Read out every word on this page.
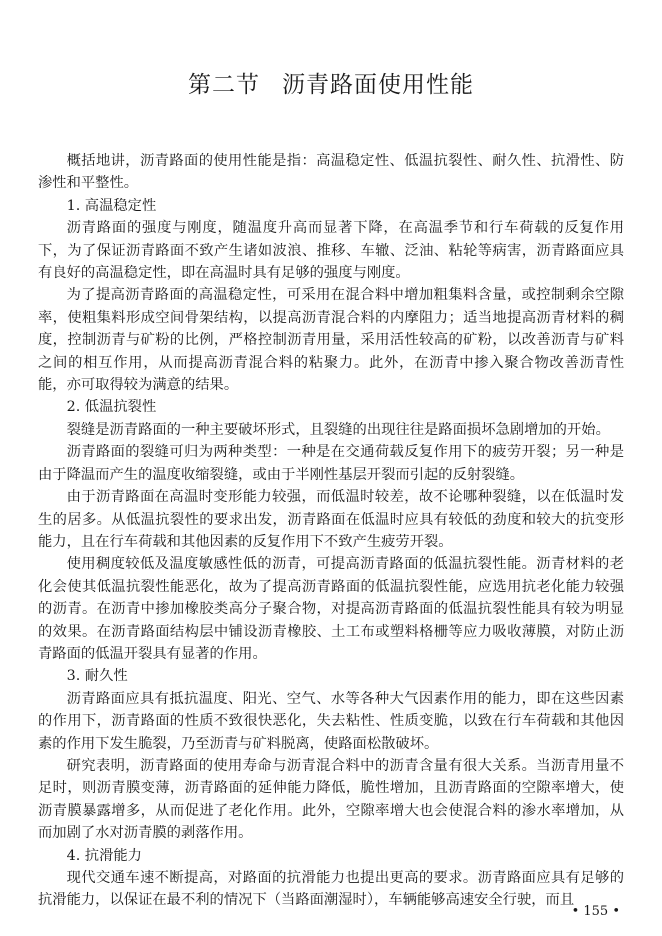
第二节 沥青路面使用性能

概括地讲，沥青路面的使用性能是指：高温稳定性、低温抗裂性、耐久性、抗滑性、防渗性和平整性。

1. 高温稳定性

沥青路面的强度与刚度，随温度升高而显著下降，在高温季节和行车荷载的反复作用下，为了保证沥青路面不致产生诸如波浪、推移、车辙、泛油、粘轮等病害，沥青路面应具有良好的高温稳定性，即在高温时具有足够的强度与刚度。

为了提高沥青路面的高温稳定性，可采用在混合料中增加粗集料含量，或控制剩余空隙率，使粗集料形成空间骨架结构，以提高沥青混合料的内摩阻力；适当地提高沥青材料的稠度，控制沥青与矿粉的比例，严格控制沥青用量，采用活性较高的矿粉，以改善沥青与矿料之间的相互作用，从而提高沥青混合料的粘聚力。此外，在沥青中掺入聚合物改善沥青性能，亦可取得较为满意的结果。

2. 低温抗裂性

裂缝是沥青路面的一种主要破坏形式，且裂缝的出现往往是路面损坏急剧增加的开始。

沥青路面的裂缝可归为两种类型：一种是在交通荷载反复作用下的疲劳开裂；另一种是由于降温而产生的温度收缩裂缝，或由于半刚性基层开裂而引起的反射裂缝。

由于沥青路面在高温时变形能力较强，而低温时较差，故不论哪种裂缝，以在低温时发生的居多。从低温抗裂性的要求出发，沥青路面在低温时应具有较低的劲度和较大的抗变形能力，且在行车荷载和其他因素的反复作用下不致产生疲劳开裂。

使用稠度较低及温度敏感性低的沥青，可提高沥青路面的低温抗裂性能。沥青材料的老化会使其低温抗裂性能恶化，故为了提高沥青路面的低温抗裂性能，应选用抗老化能力较强的沥青。在沥青中掺加橡胶类高分子聚合物，对提高沥青路面的低温抗裂性能具有较为明显的效果。在沥青路面结构层中铺设沥青橡胶、土工布或塑料格栅等应力吸收薄膜，对防止沥青路面的低温开裂具有显著的作用。

3. 耐久性

沥青路面应具有抵抗温度、阳光、空气、水等各种大气因素作用的能力，即在这些因素的作用下，沥青路面的性质不致很快恶化，失去粘性、性质变脆，以致在行车荷载和其他因素的作用下发生脆裂，乃至沥青与矿料脱离，使路面松散破坏。

研究表明，沥青路面的使用寿命与沥青混合料中的沥青含量有很大关系。当沥青用量不足时，则沥青膜变薄，沥青路面的延伸能力降低，脆性增加，且沥青路面的空隙率增大，使沥青膜暴露增多，从而促进了老化作用。此外，空隙率增大也会使混合料的渗水率增加，从而加剧了水对沥青膜的剥落作用。

4. 抗滑能力

现代交通车速不断提高，对路面的抗滑能力也提出更高的要求。沥青路面应具有足够的抗滑能力，以保证在最不利的情况下（当路面潮湿时），车辆能够高速安全行驶，而且

• 155 •
